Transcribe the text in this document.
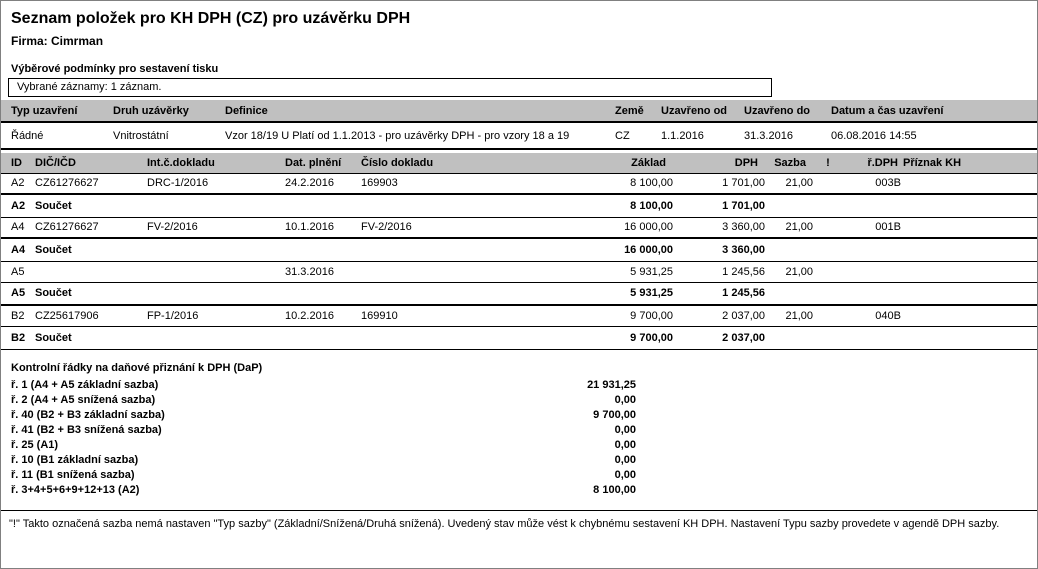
Seznam položek pro KH DPH (CZ) pro uzávěrku DPH
Firma: Cimrman
Výběrové podmínky pro sestavení tisku
Vybrané záznamy: 1 záznam.
Typ uzavření	Druh uzávěrky	Definice	Země	Uzavřeno od	Uzavřeno do	Datum a čas uzavření
Řádné	Vnitrostátní	Vzor 18/19 U Platí od 1.1.2013 - pro uzávěrky DPH - pro vzory 18 a 19	CZ	1.1.2016	31.3.2016	06.08.2016 14:55
ID	DIČ/IČD	Int.č.dokladu	Dat. plnění	Číslo dokladu	Základ	DPH	Sazba	!	ř.DPH	Příznak KH
A2	CZ61276627	DRC-1/2016	24.2.2016	169903	8 100,00	1 701,00	21,00		003B	
A2	Součet				8 100,00	1 701,00				
A4	CZ61276627	FV-2/2016	10.1.2016	FV-2/2016	16 000,00	3 360,00	21,00		001B	
A4	Součet				16 000,00	3 360,00				
A5			31.3.2016		5 931,25	1 245,56	21,00			
A5	Součet				5 931,25	1 245,56				
B2	CZ25617906	FP-1/2016	10.2.2016	169910	9 700,00	2 037,00	21,00		040B	
B2	Součet				9 700,00	2 037,00				
Kontrolní řádky na daňové přiznání k DPH (DaP)
ř. 1 (A4 + A5 základní sazba)	21 931,25
ř. 2 (A4 + A5 snížená sazba)	0,00
ř. 40 (B2 + B3 základní sazba)	9 700,00
ř. 41 (B2 + B3 snížená sazba)	0,00
ř. 25 (A1)	0,00
ř. 10 (B1 základní sazba)	0,00
ř. 11 (B1 snížená sazba)	0,00
ř. 3+4+5+6+9+12+13 (A2)	8 100,00
"!" Takto označená sazba nemá nastaven "Typ sazby" (Základní/Snížená/Druhá snížená). Uvedený stav může vést k chybnému sestavení KH DPH. Nastavení Typu sazby provedete v agendě DPH sazby.
